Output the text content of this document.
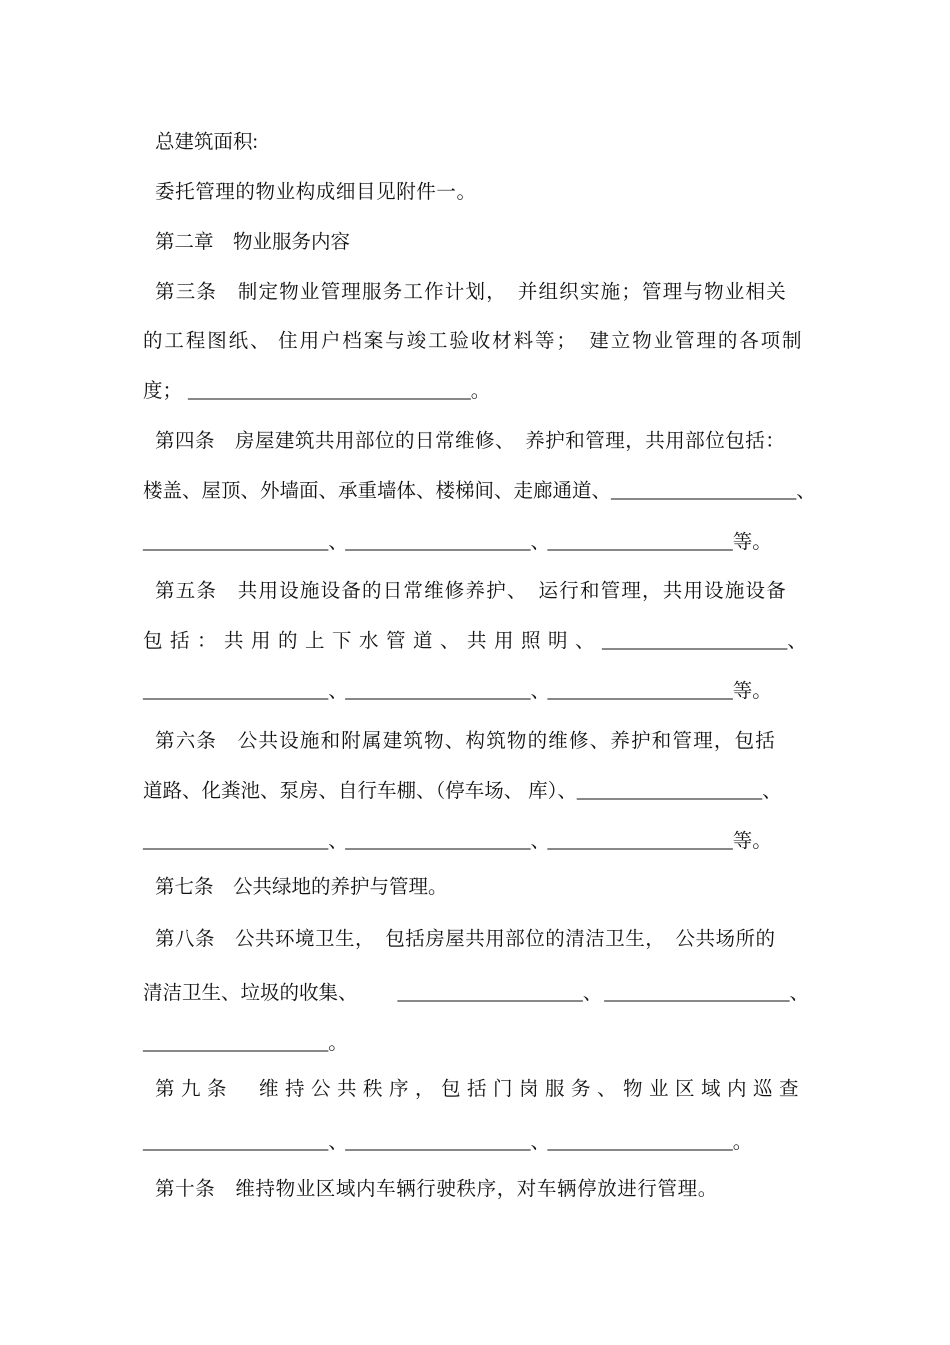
总建筑面积:
委托管理的物业构成细目见附件一。
第二章　物业服务内容
第三条　制定物业管理服务工作计划，　并组织实施；管理与物业相关
的工程图纸、 住用户档案与竣工验收材料等；　建立物业管理的各项制
度； _____________________________。
第四条　房屋建筑共用部位的日常维修、　养护和管理，共用部位包括：
楼盖、屋顶、外墙面、承重墙体、楼梯间、走廊通道、___________________、
___________________、___________________、___________________等。
第五条　共用设施设备的日常维修养护、　运行和管理，共用设施设备
包括：共用的上下水管道、共用照明、___________________、
___________________、___________________、___________________等。
第六条　公共设施和附属建筑物、构筑物的维修、养护和管理，包括
道路、化粪池、泵房、自行车棚、（停车场、 库）、___________________、
___________________、___________________、___________________等。
第七条　公共绿地的养护与管理。
第八条　公共环境卫生，　包括房屋共用部位的清洁卫生，　公共场所的
清洁卫生、垃圾的收集、 ___________________、 ___________________、
___________________。
第九条　维持公共秩序，包括门岗服务、物业区域内巡查
___________________、___________________、___________________。
第十条　维持物业区域内车辆行驶秩序，对车辆停放进行管理。
